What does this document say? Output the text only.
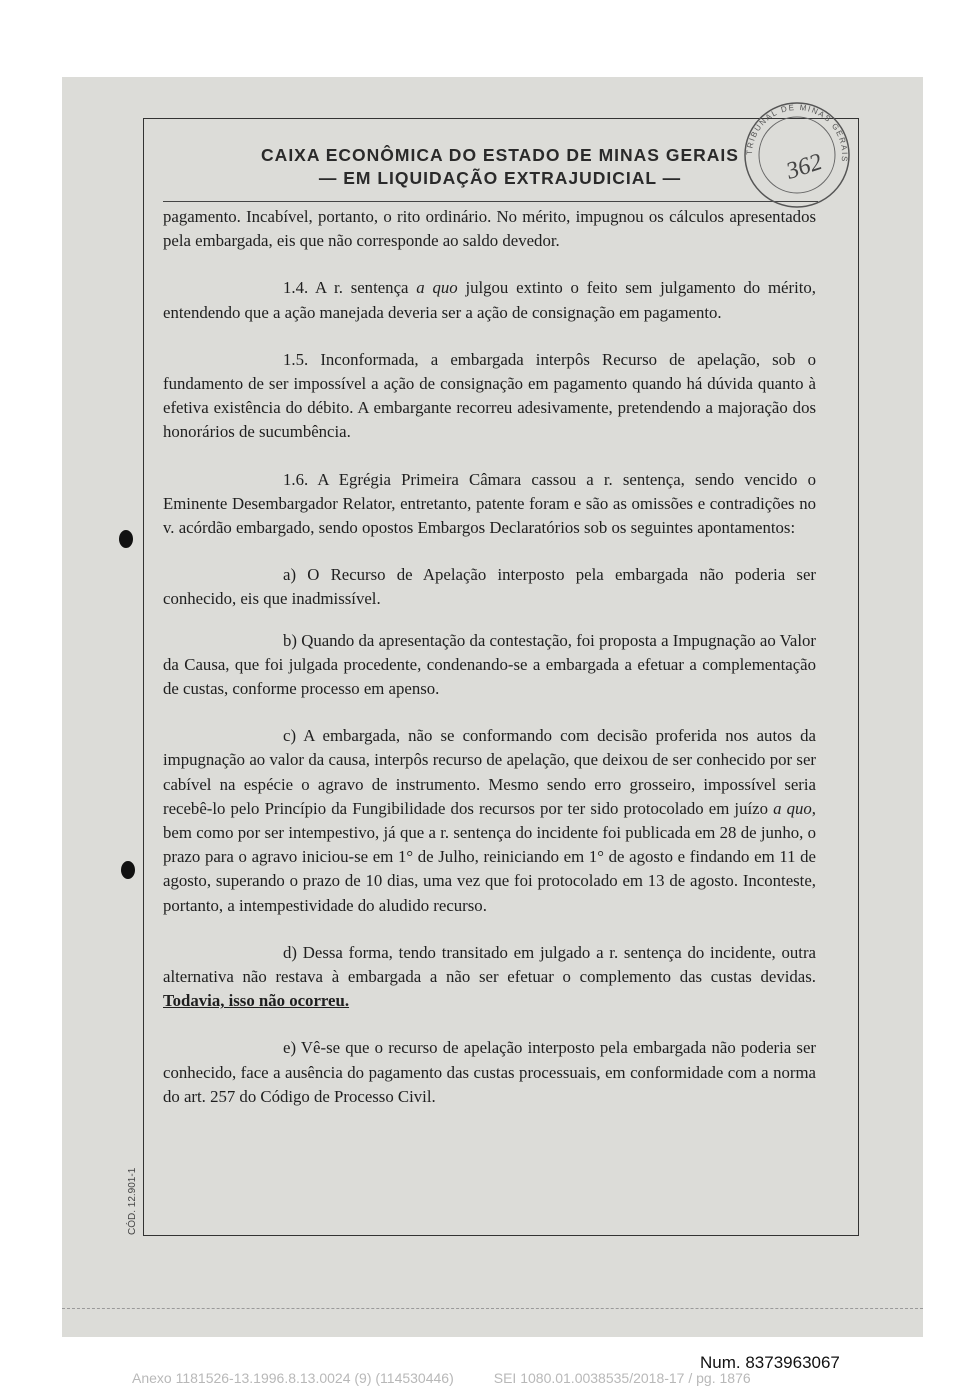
CAIXA ECONÔMICA DO ESTADO DE MINAS GERAIS
— EM LIQUIDAÇÃO EXTRAJUDICIAL —
TRIBUNAL DE MINAS GERAIS
362

pagamento. Incabível, portanto, o rito ordinário. No mérito, impugnou os cálculos apresentados pela embargada, eis que não corresponde ao saldo devedor.

1.4. A r. sentença a quo julgou extinto o feito sem julgamento do mérito, entendendo que a ação manejada deveria ser a ação de consignação em pagamento.

1.5. Inconformada, a embargada interpôs Recurso de apelação, sob o fundamento de ser impossível a ação de consignação em pagamento quando há dúvida quanto à efetiva existência do débito. A embargante recorreu adesivamente, pretendendo a majoração dos honorários de sucumbência.

1.6. A Egrégia Primeira Câmara cassou a r. sentença, sendo vencido o Eminente Desembargador Relator, entretanto, patente foram e são as omissões e contradições no v. acórdão embargado, sendo opostos Embargos Declaratórios sob os seguintes apontamentos:

a) O Recurso de Apelação interposto pela embargada não poderia ser conhecido, eis que inadmissível.

b) Quando da apresentação da contestação, foi proposta a Impugnação ao Valor da Causa, que foi julgada procedente, condenando-se a embargada a efetuar a complementação de custas, conforme processo em apenso.

c) A embargada, não se conformando com decisão proferida nos autos da impugnação ao valor da causa, interpôs recurso de apelação, que deixou de ser conhecido por ser cabível na espécie o agravo de instrumento. Mesmo sendo erro grosseiro, impossível seria recebê-lo pelo Princípio da Fungibilidade dos recursos por ter sido protocolado em juízo a quo, bem como por ser intempestivo, já que a r. sentença do incidente foi publicada em 28 de junho, o prazo para o agravo iniciou-se em 1° de Julho, reiniciando em 1° de agosto e findando em 11 de agosto, superando o prazo de 10 dias, uma vez que foi protocolado em 13 de agosto. Inconteste, portanto, a intempestividade do aludido recurso.

d) Dessa forma, tendo transitado em julgado a r. sentença do incidente, outra alternativa não restava à embargada a não ser efetuar o complemento das custas devidas. Todavia, isso não ocorreu.

e) Vê-se que o recurso de apelação interposto pela embargada não poderia ser conhecido, face a ausência do pagamento das custas processuais, em conformidade com a norma do art. 257 do Código de Processo Civil.

CÓD. 12.901-1
Num. 8373963067
Anexo 1181526-13.1996.8.13.0024 (9) (114530446)	SEI 1080.01.0038535/2018-17 / pg. 1876
